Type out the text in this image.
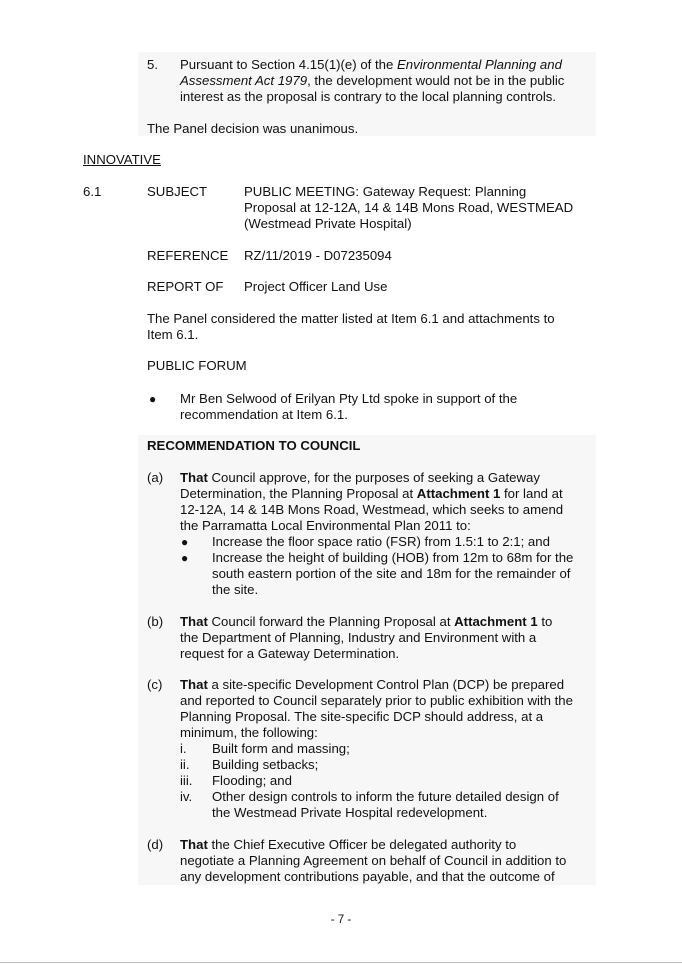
5. Pursuant to Section 4.15(1)(e) of the Environmental Planning and
Assessment Act 1979, the development would not be in the public
interest as the proposal is contrary to the local planning controls.
The Panel decision was unanimous.
INNOVATIVE
6.1	SUBJECT	PUBLIC MEETING: Gateway Request: Planning
Proposal at 12-12A, 14 & 14B Mons Road, WESTMEAD
(Westmead Private Hospital)
REFERENCE RZ/11/2019 - D07235094
REPORT OF Project Officer Land Use
The Panel considered the matter listed at Item 6.1 and attachments to
Item 6.1.
PUBLIC FORUM
● Mr Ben Selwood of Erilyan Pty Ltd spoke in support of the
recommendation at Item 6.1.
RECOMMENDATION TO COUNCIL
(a) That Council approve, for the purposes of seeking a Gateway
Determination, the Planning Proposal at Attachment 1 for land at
12-12A, 14 & 14B Mons Road, Westmead, which seeks to amend
the Parramatta Local Environmental Plan 2011 to:
● Increase the floor space ratio (FSR) from 1.5:1 to 2:1; and
● Increase the height of building (HOB) from 12m to 68m for the
south eastern portion of the site and 18m for the remainder of
the site.
(b) That Council forward the Planning Proposal at Attachment 1 to
the Department of Planning, Industry and Environment with a
request for a Gateway Determination.
(c) That a site-specific Development Control Plan (DCP) be prepared
and reported to Council separately prior to public exhibition with the
Planning Proposal. The site-specific DCP should address, at a
minimum, the following:
i. Built form and massing;
ii. Building setbacks;
iii. Flooding; and
iv. Other design controls to inform the future detailed design of
the Westmead Private Hospital redevelopment.
(d) That the Chief Executive Officer be delegated authority to
negotiate a Planning Agreement on behalf of Council in addition to
any development contributions payable, and that the outcome of
- 7 -
